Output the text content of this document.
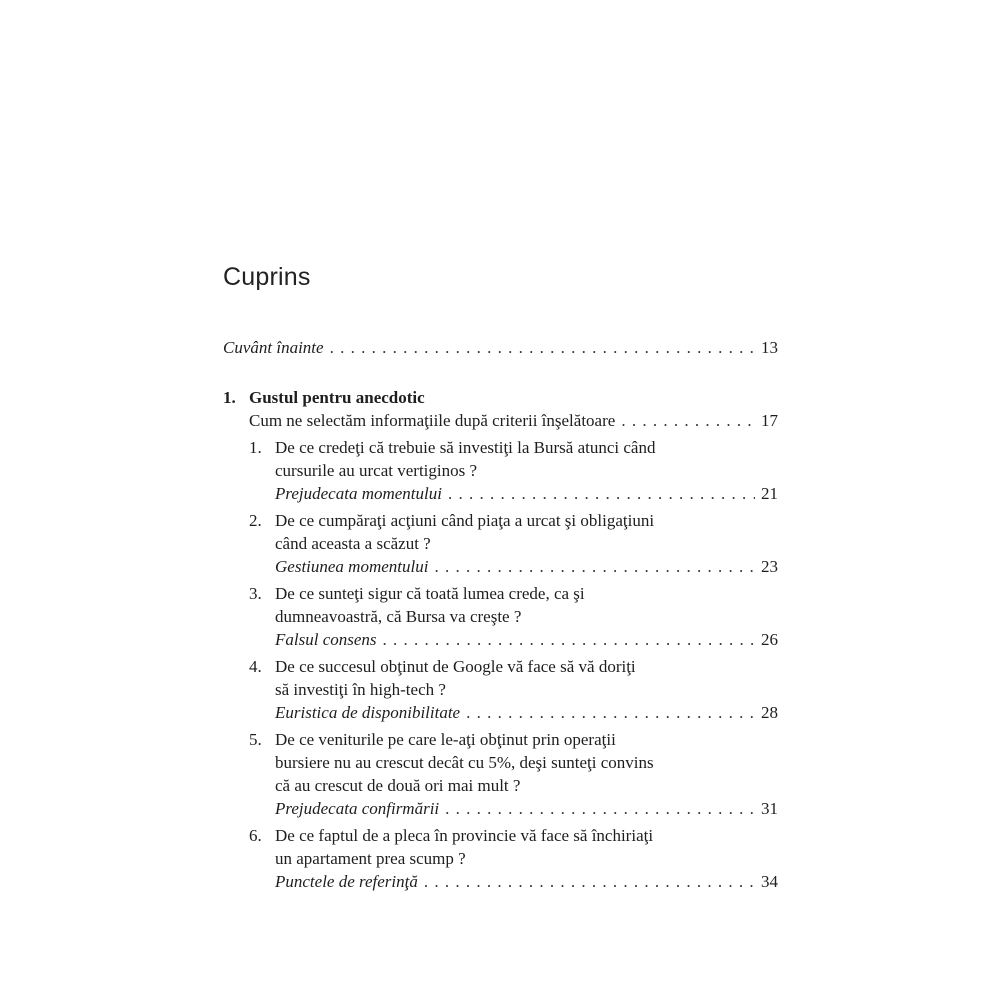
Cuprins
Cuvânt înainte . . .	13
1. Gustul pentru anecdotic
Cum ne selectăm informaţiile după criterii înşelătoare . . .	17
1. De ce credeţi că trebuie să investiţi la Bursă atunci când
cursurile au urcat vertiginos ?
Prejudecata momentului . . .	21
2. De ce cumpăraţi acţiuni când piaţa a urcat şi obligaţiuni
când aceasta a scăzut ?
Gestiunea momentului . . .	23
3. De ce sunteţi sigur că toată lumea crede, ca şi
dumneavoastră, că Bursa va creşte ?
Falsul consens . . .	26
4. De ce succesul obţinut de Google vă face să vă doriţi
să investiţi în high-tech ?
Euristica de disponibilitate . . .	28
5. De ce veniturile pe care le-aţi obţinut prin operaţii
bursiere nu au crescut decât cu 5%, deşi sunteţi convins
că au crescut de două ori mai mult ?
Prejudecata confirmării . . .	31
6. De ce faptul de a pleca în provincie vă face să închiriaţi
un apartament prea scump ?
Punctele de referinţă . . .	34
